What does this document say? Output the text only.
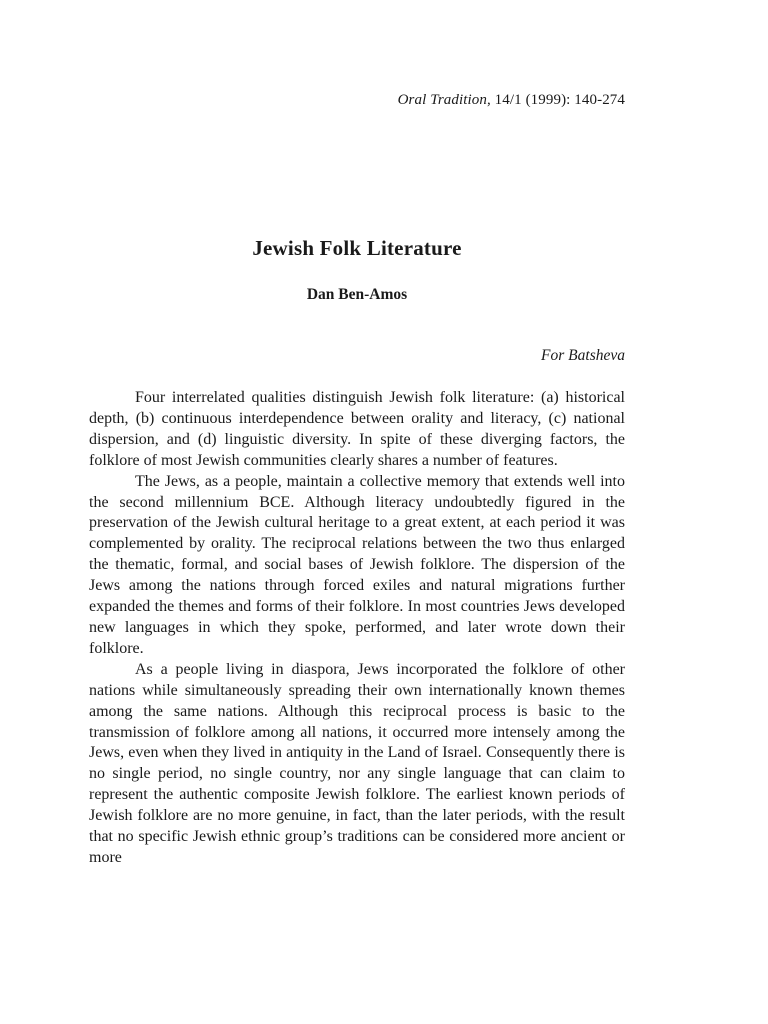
Oral Tradition, 14/1 (1999): 140-274
Jewish Folk Literature
Dan Ben-Amos
For Batsheva

Four interrelated qualities distinguish Jewish folk literature: (a) historical depth, (b) continuous interdependence between orality and literacy, (c) national dispersion, and (d) linguistic diversity. In spite of these diverging factors, the folklore of most Jewish communities clearly shares a number of features.

The Jews, as a people, maintain a collective memory that extends well into the second millennium BCE. Although literacy undoubtedly figured in the preservation of the Jewish cultural heritage to a great extent, at each period it was complemented by orality. The reciprocal relations between the two thus enlarged the thematic, formal, and social bases of Jewish folklore. The dispersion of the Jews among the nations through forced exiles and natural migrations further expanded the themes and forms of their folklore. In most countries Jews developed new languages in which they spoke, performed, and later wrote down their folklore.

As a people living in diaspora, Jews incorporated the folklore of other nations while simultaneously spreading their own internationally known themes among the same nations. Although this reciprocal process is basic to the transmission of folklore among all nations, it occurred more intensely among the Jews, even when they lived in antiquity in the Land of Israel. Consequently there is no single period, no single country, nor any single language that can claim to represent the authentic composite Jewish folklore. The earliest known periods of Jewish folklore are no more genuine, in fact, than the later periods, with the result that no specific Jewish ethnic group’s traditions can be considered more ancient or more
